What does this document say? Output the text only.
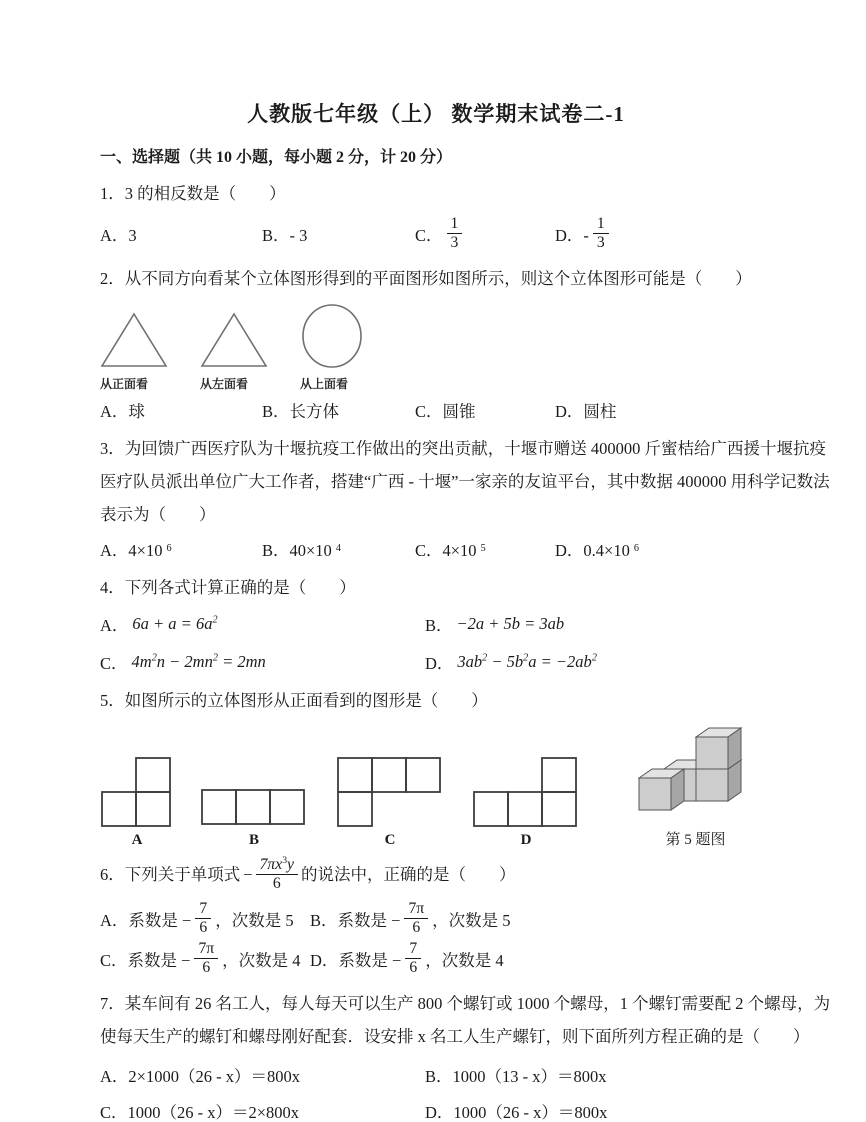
人教版七年级（上） 数学期末试卷二-1
一、选择题（共 10 小题，每小题 2 分，计 20 分）

1．3 的相反数是（　　）

A．3	B．- 3	C． $\frac{1}{3}$	D．- $\frac{1}{3}$

2．从不同方向看某个立体图形得到的平面图形如图所示，则这个立体图形可能是（　　）

从正面看	从左面看	从上面看
A．球	B．长方体	C．圆锥	D．圆柱

3．为回馈广西医疗队为十堰抗疫工作做出的突出贡献，十堰市赠送 400000 斤蜜桔给广西援十堰抗疫

医疗队员派出单位广大工作者，搭建“广西 - 十堰”一家亲的友谊平台，其中数据 400000 用科学记数法

表示为（　　）

A．4×10 6	B．40×10 4	C．4×10 5	D．0.4×10 6

4．下列各式计算正确的是（　　）

A． $6a + a = 6a^2$	B． −2a + 5b = 3ab
C． $4m^2n - 2mn^2 = 2mn$	D． $3ab^2 - 5b^2a = -2ab^2$

5．如图所示的立体图形从正面看到的图形是（　　）

A	B	C	D	第 5 题图
6．下列关于单项式 − $\frac{7\pi x^3y}{6}$ 的说法中，正确的是（　　）
A．系数是 − $\frac{7}{6}$ ，次数是 5 B．系数是 − $\frac{7\pi}{6}$ ，次数是 5
C．系数是 − $\frac{7\pi}{6}$ ，次数是 4 D．系数是 − $\frac{7}{6}$ ，次数是 4

7．某车间有 26 名工人，每人每天可以生产 800 个螺钉或 1000 个螺母，1 个螺钉需要配 2 个螺母，为

使每天生产的螺钉和螺母刚好配套．设安排 x 名工人生产螺钉，则下面所列方程正确的是（　　）

A．2×1000（26 - x）＝800x	B．1000（13 - x）＝800x
C．1000（26 - x）＝2×800x	D．1000（26 - x）＝800x
